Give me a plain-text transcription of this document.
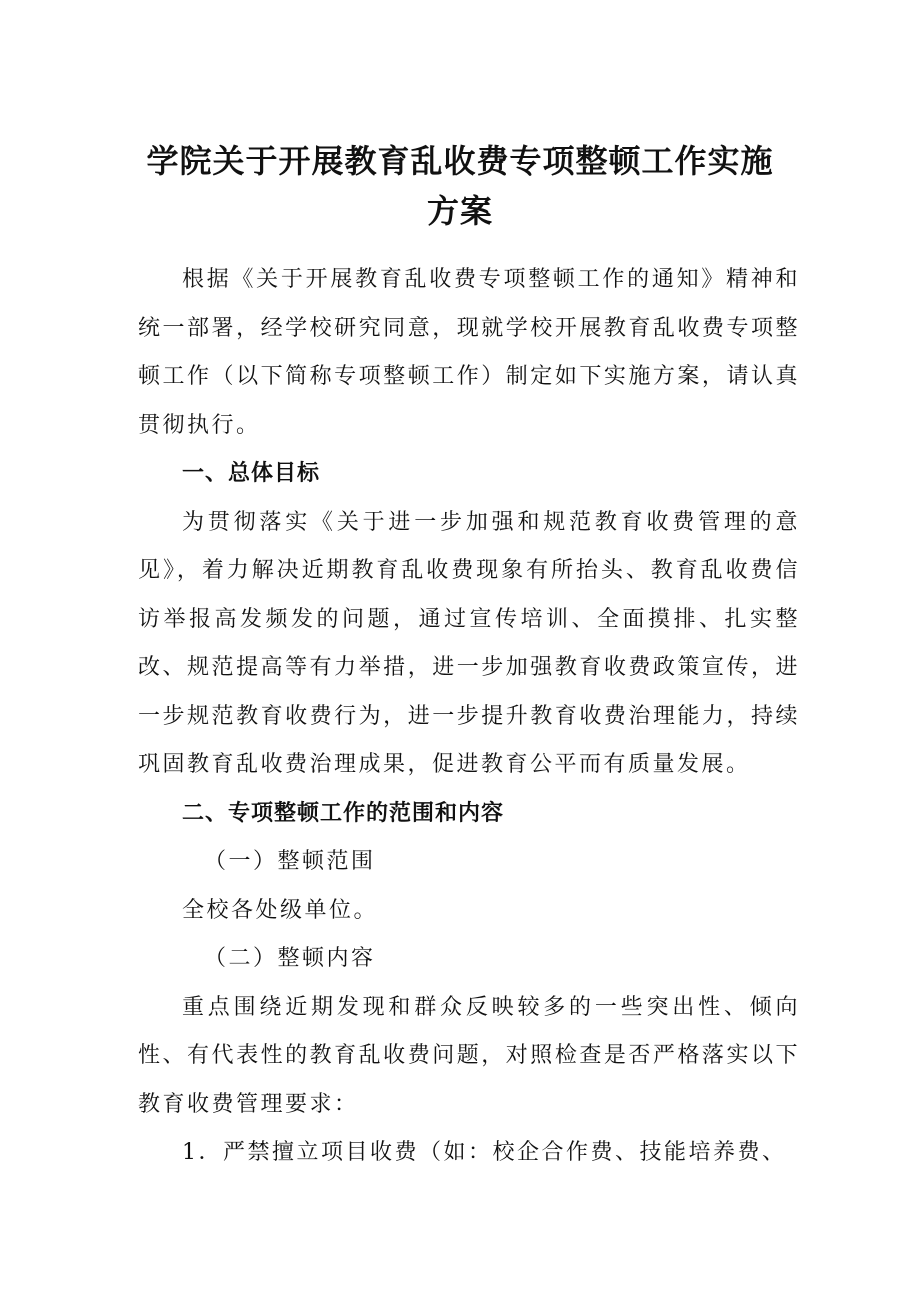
学院关于开展教育乱收费专项整顿工作实施
方案

根据《关于开展教育乱收费专项整顿工作的通知》精神和统一部署，经学校研究同意，现就学校开展教育乱收费专项整顿工作（以下简称专项整顿工作）制定如下实施方案，请认真贯彻执行。

一、总体目标

为贯彻落实《关于进一步加强和规范教育收费管理的意见》，着力解决近期教育乱收费现象有所抬头、教育乱收费信访举报高发频发的问题，通过宣传培训、全面摸排、扎实整改、规范提高等有力举措，进一步加强教育收费政策宣传，进一步规范教育收费行为，进一步提升教育收费治理能力，持续巩固教育乱收费治理成果，促进教育公平而有质量发展。

二、专项整顿工作的范围和内容

（一）整顿范围

全校各处级单位。

（二）整顿内容

重点围绕近期发现和群众反映较多的一些突出性、倾向性、有代表性的教育乱收费问题，对照检查是否严格落实以下教育收费管理要求：

1．严禁擅立项目收费（如：校企合作费、技能培养费、
